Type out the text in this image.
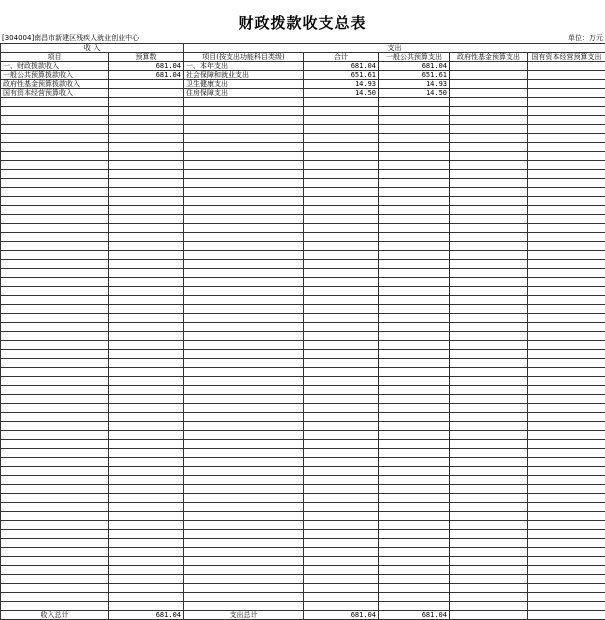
财政拨款收支总表
[304004]南昌市新建区残疾人就业创业中心	单位：万元
收 入		支出				
项目	预算数	项目(按支出功能科目类级)	合计	一般公共预算支出	政府性基金预算支出	国有资本经营预算支出
一、财政拨款收入	681.04	一、本年支出	681.04	681.04		
一般公共预算拨款收入	681.04	社会保障和就业支出	651.61	651.61		
政府性基金预算拨款收入		卫生健康支出	14.93	14.93		
国有资本经营预算收入		住房保障支出	14.50	14.50		

收入总计	681.04	支出总计	681.04	681.04		
